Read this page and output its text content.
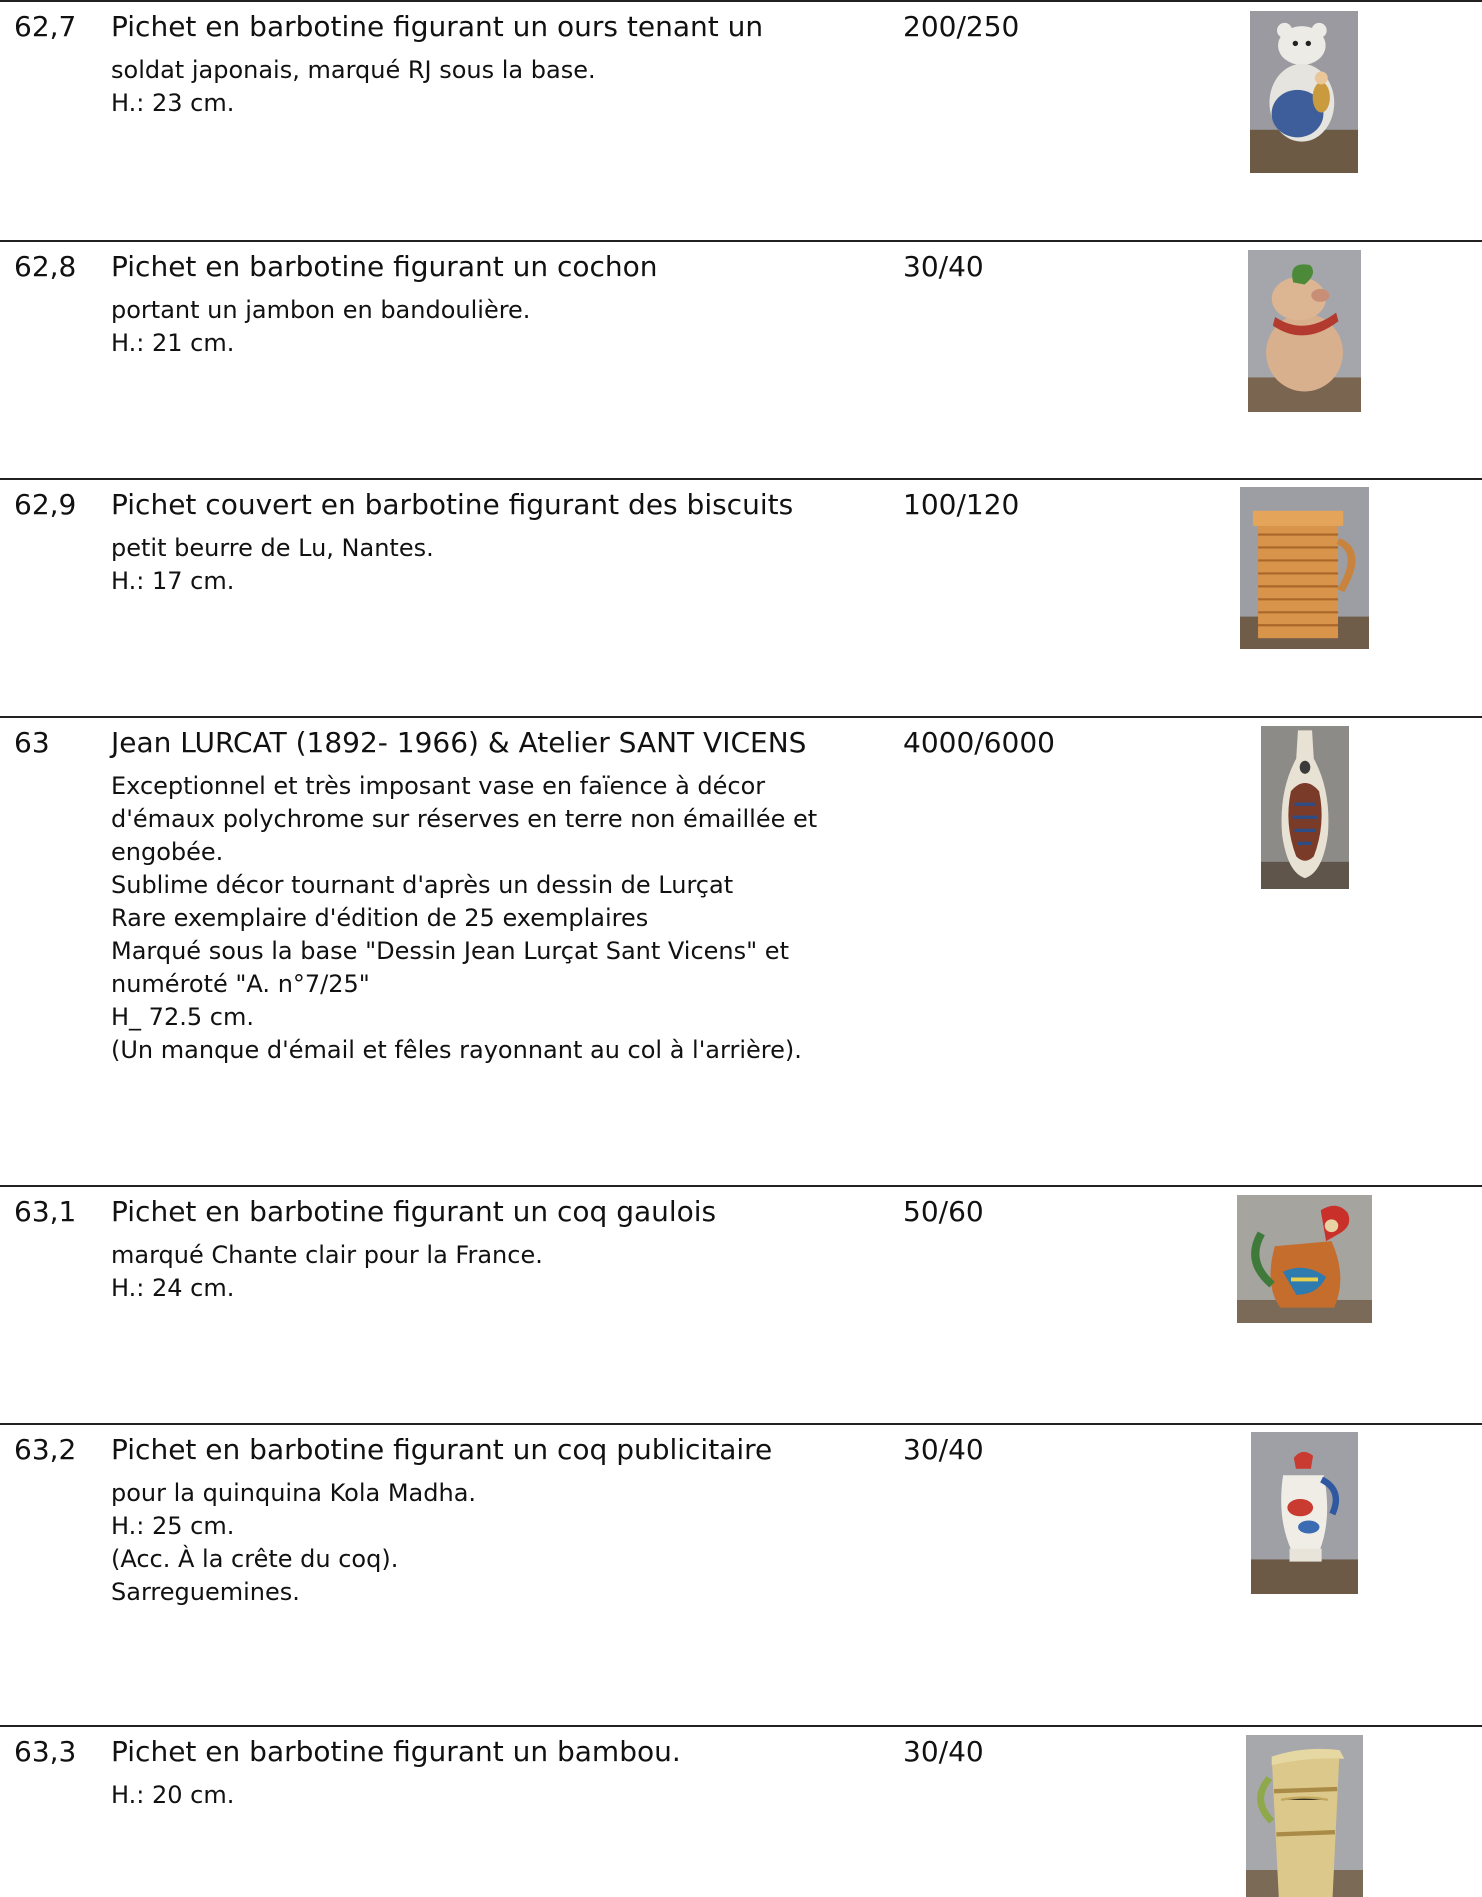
62,7 Pichet en barbotine figurant un ours tenant un
soldat japonais, marqué RJ sous la base.
H.: 23 cm.
200/250
62,8 Pichet en barbotine figurant un cochon
portant un jambon en bandoulière.
H.: 21 cm.
30/40
62,9 Pichet couvert en barbotine figurant des biscuits
petit beurre de Lu, Nantes.
H.: 17 cm.
100/120
63 Jean LURCAT (1892- 1966) & Atelier SANT VICENS
Exceptionnel et très imposant vase en faïence à décor
d'émaux polychrome sur réserves en terre non émaillée et
engobée.
Sublime décor tournant d'après un dessin de Lurçat
Rare exemplaire d'édition de 25 exemplaires
Marqué sous la base "Dessin Jean Lurçat Sant Vicens" et
numéroté "A. n°7/25"
H_ 72.5 cm.
(Un manque d'émail et fêles rayonnant au col à l'arrière).
4000/6000
63,1 Pichet en barbotine figurant un coq gaulois
marqué Chante clair pour la France.
H.: 24 cm.
50/60
63,2 Pichet en barbotine figurant un coq publicitaire
pour la quinquina Kola Madha.
H.: 25 cm.
(Acc. À la crête du coq).
Sarreguemines.
30/40
63,3 Pichet en barbotine figurant un bambou.
H.: 20 cm.
30/40
